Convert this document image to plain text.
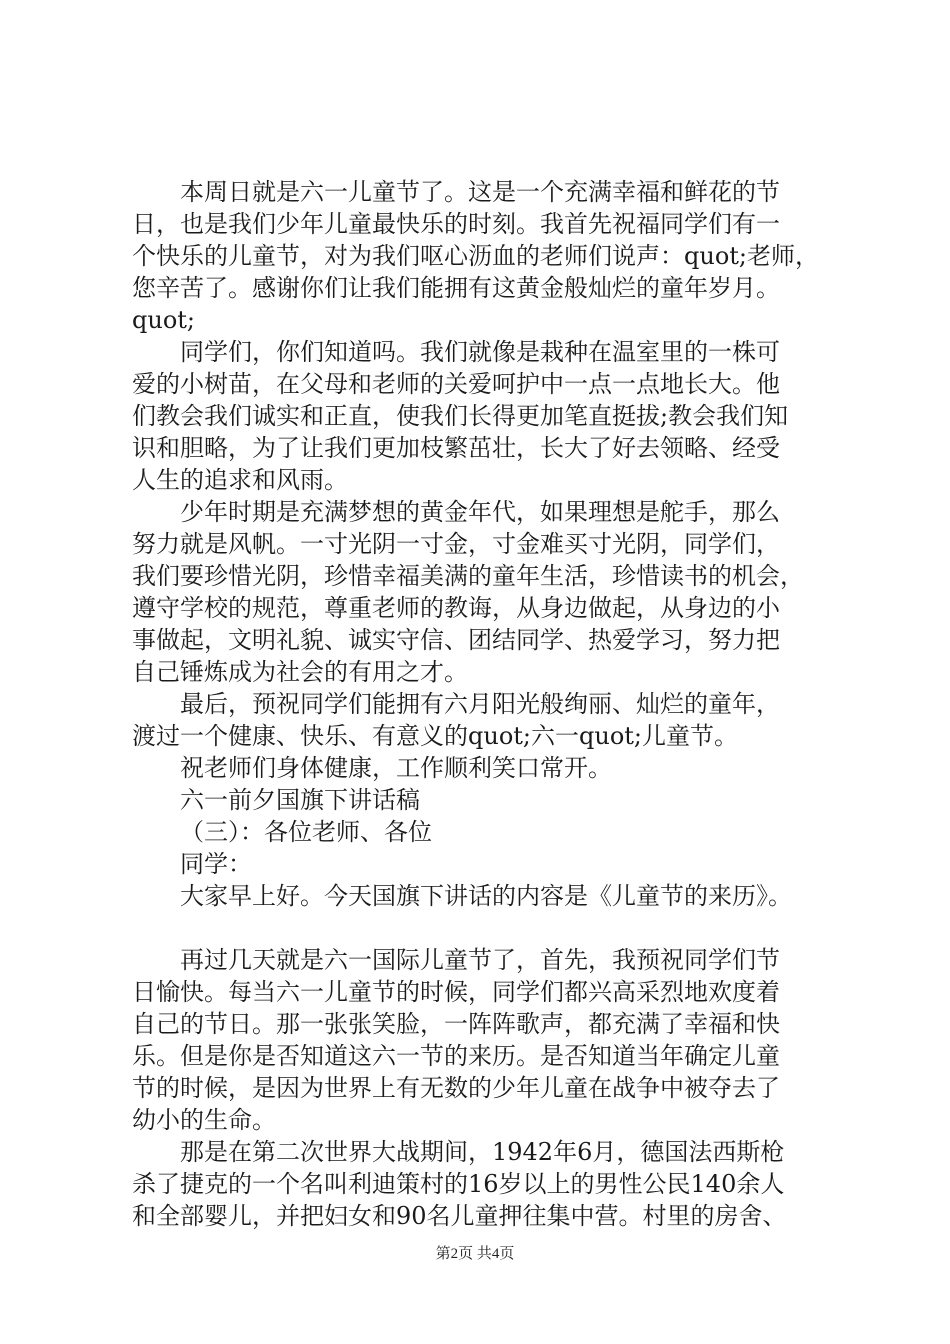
本周日就是六一儿童节了。这是一个充满幸福和鲜花的节
日，也是我们少年儿童最快乐的时刻。我首先祝福同学们有一
个快乐的儿童节，对为我们呕心沥血的老师们说声：quot;老师，
您辛苦了。感谢你们让我们能拥有这黄金般灿烂的童年岁月。
quot;
同学们，你们知道吗。我们就像是栽种在温室里的一株可
爱的小树苗，在父母和老师的关爱呵护中一点一点地长大。他
们教会我们诚实和正直，使我们长得更加笔直挺拔;教会我们知
识和胆略，为了让我们更加枝繁茁壮，长大了好去领略、经受
人生的追求和风雨。
少年时期是充满梦想的黄金年代，如果理想是舵手，那么
努力就是风帆。一寸光阴一寸金，寸金难买寸光阴，同学们，
我们要珍惜光阴，珍惜幸福美满的童年生活，珍惜读书的机会，
遵守学校的规范，尊重老师的教诲，从身边做起，从身边的小
事做起，文明礼貌、诚实守信、团结同学、热爱学习，努力把
自己锤炼成为社会的有用之才。
最后，预祝同学们能拥有六月阳光般绚丽、灿烂的童年，
渡过一个健康、快乐、有意义的quot;六一quot;儿童节。
祝老师们身体健康，工作顺利笑口常开。
六一前夕国旗下讲话稿
（三）：各位老师、各位
同学：
大家早上好。今天国旗下讲话的内容是《儿童节的来历》。
再过几天就是六一国际儿童节了，首先，我预祝同学们节
日愉快。每当六一儿童节的时候，同学们都兴高采烈地欢度着
自己的节日。那一张张笑脸，一阵阵歌声，都充满了幸福和快
乐。但是你是否知道这六一节的来历。是否知道当年确定儿童
节的时候，是因为世界上有无数的少年儿童在战争中被夺去了
幼小的生命。
那是在第二次世界大战期间，1942年6月，德国法西斯枪
杀了捷克的一个名叫利迪策村的16岁以上的男性公民140余人
和全部婴儿，并把妇女和90名儿童押往集中营。村里的房舍、
第2页 共4页
